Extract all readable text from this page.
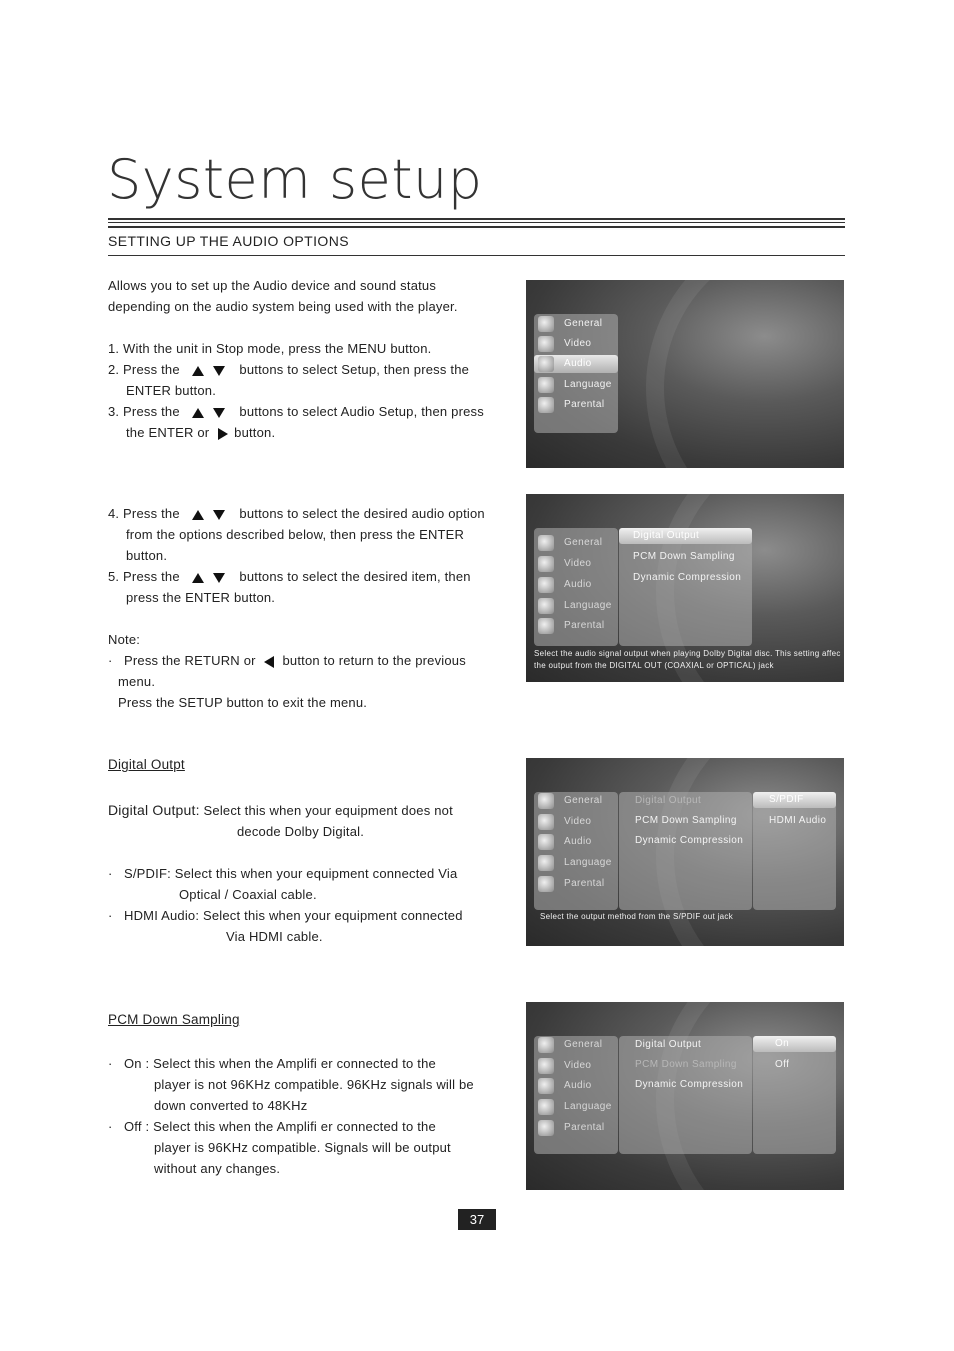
System setup
SETTING UP THE AUDIO OPTIONS
Allows you to set up the Audio device and sound status
depending on the audio system being used with the player.
1. With the unit in Stop mode, press the MENU button.
2. Press the	buttons to select Setup, then press the
ENTER button.
3. Press the	buttons to select Audio Setup, then press
the ENTER or button.
4. Press the	buttons to select the desired audio option
from the options described below, then press the ENTER
button.
5. Press the	buttons to select the desired item, then
press the ENTER button.
Note:
· Press the RETURN or button to return to the previous
menu.
Press the SETUP button to exit the menu.
Digital Outpt
Digital Output: Select this when your equipment does not
decode Dolby Digital.
· S/PDIF: Select this when your equipment connected Via
Optical / Coaxial cable.
· HDMI Audio: Select this when your equipment connected
Via HDMI cable.
PCM Down Sampling
· On : Select this when the Amplifi er connected to the
player is not 96KHz compatible. 96KHz signals will be
down converted to 48KHz
· Off : Select this when the Amplifi er connected to the
player is 96KHz compatible. Signals will be output
without any changes.
General
Video
Audio
Language
Parental
General
Video
Audio
Language
Parental
Digital Output
PCM Down Sampling
Dynamic Compression
Select the audio signal output when playing Dolby Digital disc. This setting affec
the output from the DIGITAL OUT (COAXIAL or OPTICAL) jack
General
Video
Audio
Language
Parental
Digital Output
PCM Down Sampling
Dynamic Compression
S/PDIF
HDMI Audio
Select the output method from the S/PDIF out jack
General
Video
Audio
Language
Parental
Digital Output
PCM Down Sampling
Dynamic Compression
On
Off
37
